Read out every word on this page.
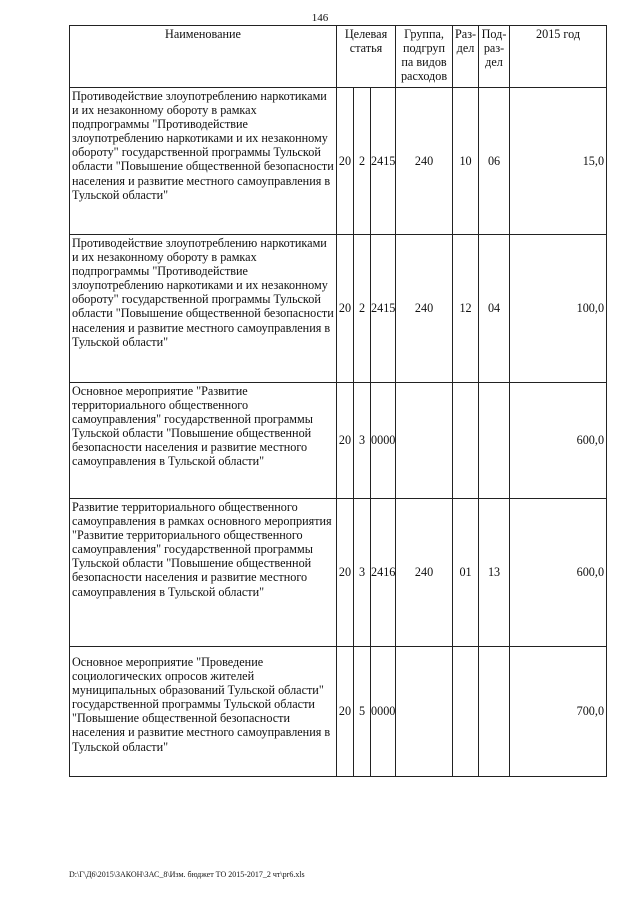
146
Наименование	Целевая статья			Группа, подгруп па видов расходов	Раз- дел	Под- раз- дел	2015 год
Противодействие злоупотреблению наркотиками и их незаконному обороту в рамках подпрограммы "Противодействие злоупотреблению наркотиками и их незаконному обороту" государственной программы Тульской области "Повышение общественной безопасности населения и развитие местного самоуправления в Тульской области"	20	2	2415	240	10	06	15,0
Противодействие злоупотреблению наркотиками и их незаконному обороту в рамках подпрограммы "Противодействие злоупотреблению наркотиками и их незаконному обороту" государственной программы Тульской области "Повышение общественной безопасности населения и развитие местного самоуправления в Тульской области"	20	2	2415	240	12	04	100,0
Основное мероприятие "Развитие территориального общественного самоуправления" государственной программы Тульской области "Повышение общественной безопасности населения и развитие местного самоуправления в Тульской области"	20	3	0000				600,0
Развитие территориального общественного самоуправления в рамках основного мероприятия "Развитие территориального общественного самоуправления" государственной программы Тульской области "Повышение общественной безопасности населения и развитие местного самоуправления в Тульской области"	20	3	2416	240	01	13	600,0
Основное мероприятие "Проведение социологических опросов жителей муниципальных образований Тульской области" государственной программы Тульской области "Повышение общественной безопасности населения и развитие местного самоуправления в Тульской области"	20	5	0000				700,0
D:\Г\Д6\2015\ЗАКОН\ЗАС_8\Изм. бюджет ТО 2015-2017_2 чт\pr6.xls
